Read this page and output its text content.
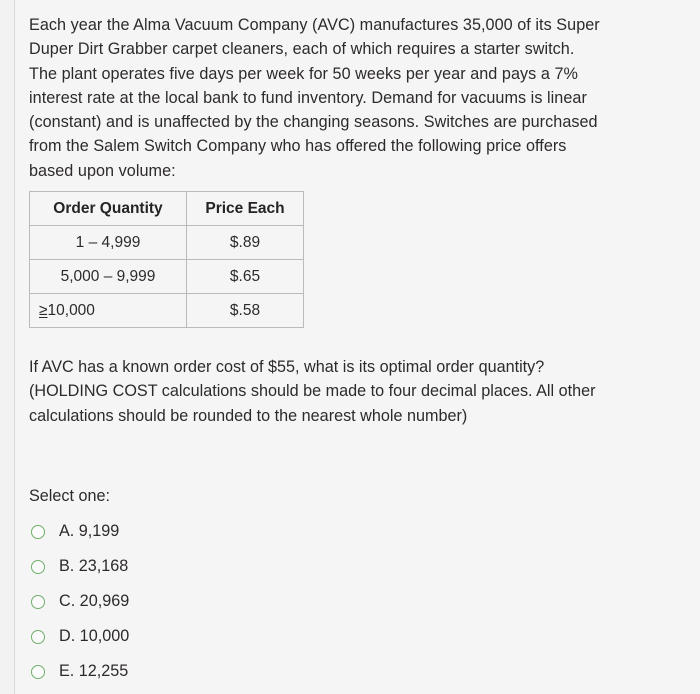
Each year the Alma Vacuum Company (AVC) manufactures 35,000 of its Super

Duper Dirt Grabber carpet cleaners, each of which requires a starter switch.

The plant operates five days per week for 50 weeks per year and pays a 7%

interest rate at the local bank to fund inventory. Demand for vacuums is linear

(constant) and is unaffected by the changing seasons. Switches are purchased

from the Salem Switch Company who has offered the following price offers

based upon volume:

Order Quantity	Price Each
1 – 4,999	$.89
5,000 – 9,999	$.65
≥10,000	$.58
If AVC has a known order cost of $55, what is its optimal order quantity?
(HOLDING COST calculations should be made to four decimal places. All other
calculations should be rounded to the nearest whole number)
Select one:
A. 9,199
B. 23,168
C. 20,969
D. 10,000
E. 12,255
